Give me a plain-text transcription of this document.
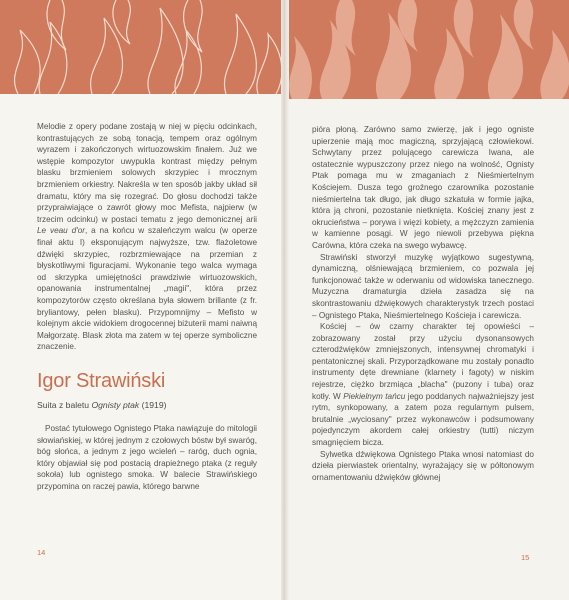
Melodie z opery podane zostają w niej w pięciu odcinkach, kontrastujących ze sobą tonacją, tempem oraz ogólnym wyrazem i zakończonych wirtuozowskim finałem. Już we wstępie kompozytor uwypukla kontrast między pełnym blasku brzmieniem solowych skrzypiec i mrocznym brzmieniem orkiestry. Nakreśla w ten sposób jakby układ sił dramatu, który ma się rozegrać. Do głosu dochodzi także przypraiwiające o zawrót głowy moc Mefista, najpierw (w trzecim odcinku) w postaci tematu z jego demonicznej arii Le veau d'or, a na końcu w szaleńczym walcu (w operze finał aktu I) eksponującym najwyższe, tzw. flażoletowe dźwięki skrzypiec, rozbrzmiewające na przemian z błyskotliwymi figuracjami. Wykonanie tego walca wymaga od skrzypka umiejętności prawdziwie wirtuozowskich, opanowania instrumentalnej „magii", która przez kompozytorów często określana była słowem brillante (z fr. bryliantowy, pełen blasku). Przypomnijmy – Mefisto w kolejnym akcie widokiem drogocennej biżuterii mami naiwną Małgorzatę. Blask złota ma zatem w tej operze symboliczne znaczenie.

Igor Strawiński
Suita z baletu Ognisty ptak (1919)

Postać tytułowego Ognistego Ptaka nawiązuje do mitologii słowiańskiej, w której jednym z czołowych bóstw był swaróg, bóg słońca, a jednym z jego wcieleń – raróg, duch ognia, który objawiał się pod postacią drapieżnego ptaka (z reguły sokoła) lub ognistego smoka. W balecie Strawińskiego przypomina on raczej pawia, którego barwne

14

pióra płoną. Zarówno samo zwierzę, jak i jego ogniste upierzenie mają moc magiczną, sprzyjającą człowiekowi. Schwytany przez polującego carewicza Iwana, ale ostatecznie wypuszczony przez niego na wolność, Ognisty Ptak pomaga mu w zmaganiach z Nieśmiertelnym Kościejem. Dusza tego groźnego czarownika pozostanie nieśmiertelna tak długo, jak długo szkatuła w formie jajka, która ją chroni, pozostanie nietknięta. Kościej znany jest z okrucieństwa – porywa i więzi kobiety, a mężczyzn zamienia w kamienne posągi. W jego niewoli przebywa piękna Carówna, która czeka na swego wybawcę.

Strawiński stworzył muzykę wyjątkowo sugestywną, dynamiczną, olśniewającą brzmieniem, co pozwala jej funkcjonować także w oderwaniu od widowiska tanecznego. Muzyczna dramaturgia dzieła zasadza się na skontrastowaniu dźwiękowych charakterystyk trzech postaci – Ognistego Ptaka, Nieśmiertelnego Kościeja i carewicza.

Kościej – ów czarny charakter tej opowieści – zobrazowany został przy użyciu dysonansowych czterodźwięków zmniejszonych, intensywnej chromatyki i pentatonicznej skali. Przyporządkowane mu zostały ponadto instrumenty dęte drewniane (klarnety i fagoty) w niskim rejestrze, ciężko brzmiąca „blacha" (puzony i tuba) oraz kotły. W Piekielnym tańcu jego poddanych najważniejszy jest rytm, synkopowany, a zatem poza regularnym pulsem, brutalnie „wyciosany" przez wykonawców i podsumowany pojedynczym akordem całej orkiestry (tutti) niczym smagnięciem bicza.

Sylwetka dźwiękowa Ognistego Ptaka wnosi natomiast do dzieła pierwiastek orientalny, wyrażający się w półtonowym ornamentowaniu dźwięków głównej

15
